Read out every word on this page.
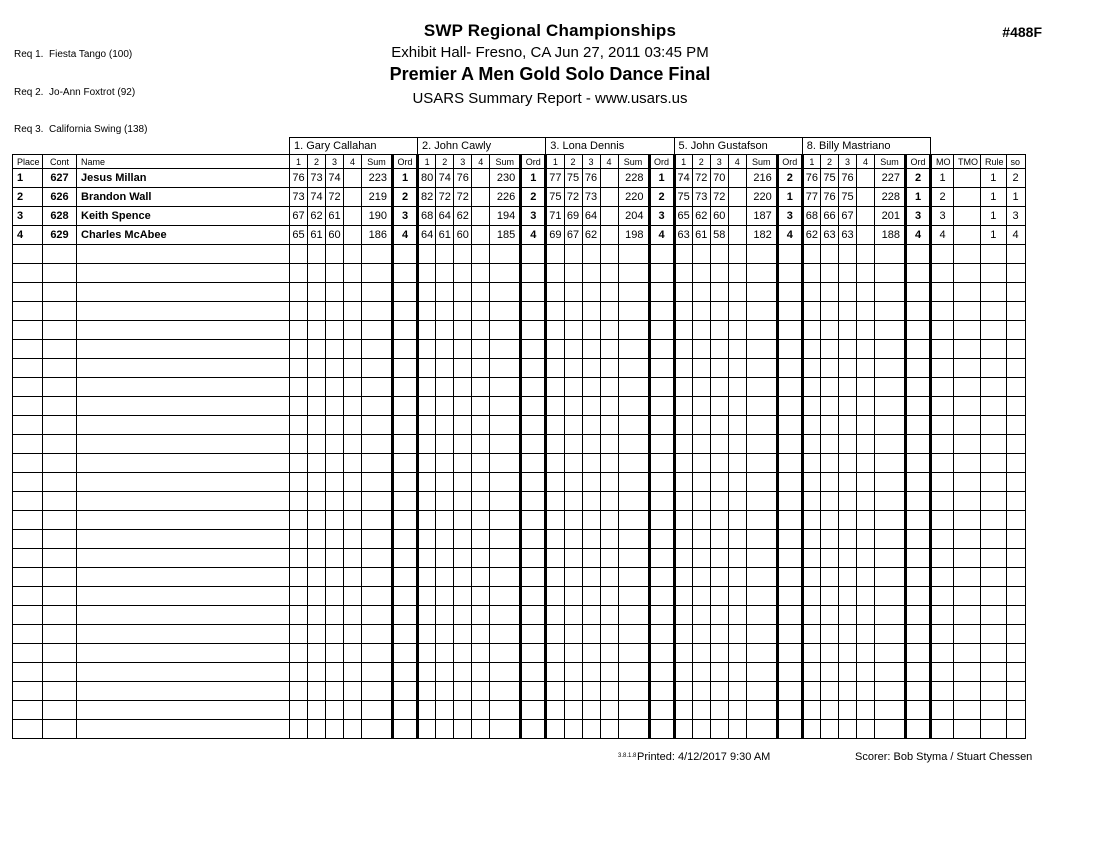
Req 1.  Fiesta Tango (100)

Req 2.  Jo-Ann Foxtrot (92)

Req 3.  California Swing (138)

SWP Regional Championships
Exhibit Hall- Fresno, CA Jun 27, 2011 03:45 PM
Premier A Men Gold Solo Dance Final
USARS Summary Report - www.usars.us
#488F
			1. Gary Callahan						2. John Cawly						3. Lona Dennis						5. John Gustafson						8. Billy Mastriano									
Place	Cont	Name	1	2	3	4	Sum	Ord	1	2	3	4	Sum	Ord	1	2	3	4	Sum	Ord	1	2	3	4	Sum	Ord	1	2	3	4	Sum	Ord	MO	TMO	Rule	so
1	627	Jesus Millan	76	73	74		223	1	80	74	76		230	1	77	75	76		228	1	74	72	70		216	2	76	75	76		227	2	1		1	2
2	626	Brandon Wall	73	74	72		219	2	82	72	72		226	2	75	72	73		220	2	75	73	72		220	1	77	76	75		228	1	2		1	1
3	628	Keith Spence	67	62	61		190	3	68	64	62		194	3	71	69	64		204	3	65	62	60		187	3	68	66	67		201	3	3		1	3
4	629	Charles McAbee	65	61	60		186	4	64	61	60		185	4	69	67	62		198	4	63	61	58		182	4	62	63	63		188	4	4		1	4

3.8.1.8 Printed: 4/12/2017 9:30 AM	Scorer: Bob Styma / Stuart Chessen
